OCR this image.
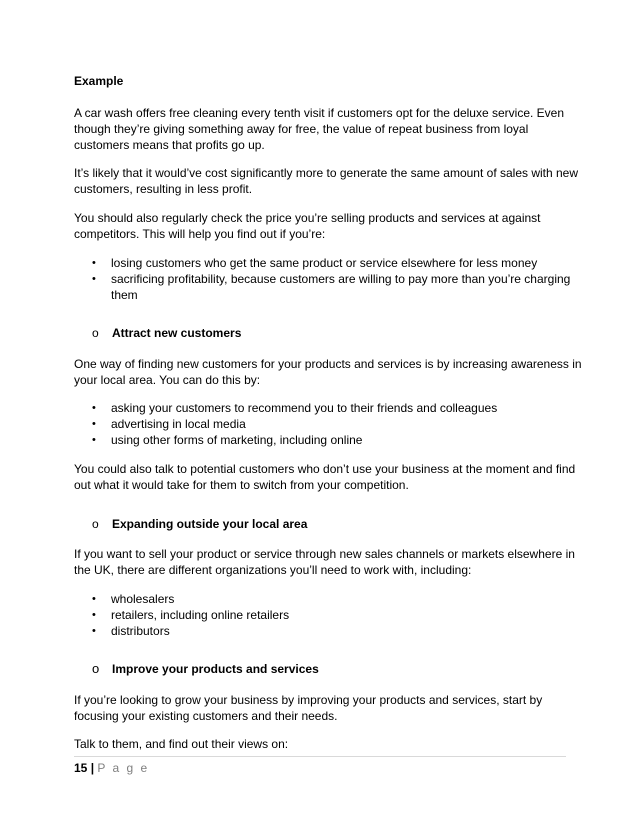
Example
A car wash offers free cleaning every tenth visit if customers opt for the deluxe service. Even
though they’re giving something away for free, the value of repeat business from loyal
customers means that profits go up.
It’s likely that it would’ve cost significantly more to generate the same amount of sales with new
customers, resulting in less profit.
You should also regularly check the price you’re selling products and services at against
competitors. This will help you find out if you’re:
• losing customers who get the same product or service elsewhere for less money
• sacrificing profitability, because customers are willing to pay more than you’re charging
them
o Attract new customers
One way of finding new customers for your products and services is by increasing awareness in
your local area. You can do this by:
• asking your customers to recommend you to their friends and colleagues
• advertising in local media
• using other forms of marketing, including online
You could also talk to potential customers who don’t use your business at the moment and find
out what it would take for them to switch from your competition.
o Expanding outside your local area
If you want to sell your product or service through new sales channels or markets elsewhere in
the UK, there are different organizations you’ll need to work with, including:
• wholesalers
• retailers, including online retailers
• distributors
o Improve your products and services
If you’re looking to grow your business by improving your products and services, start by
focusing your existing customers and their needs.
Talk to them, and find out their views on:
15 | P a g e
